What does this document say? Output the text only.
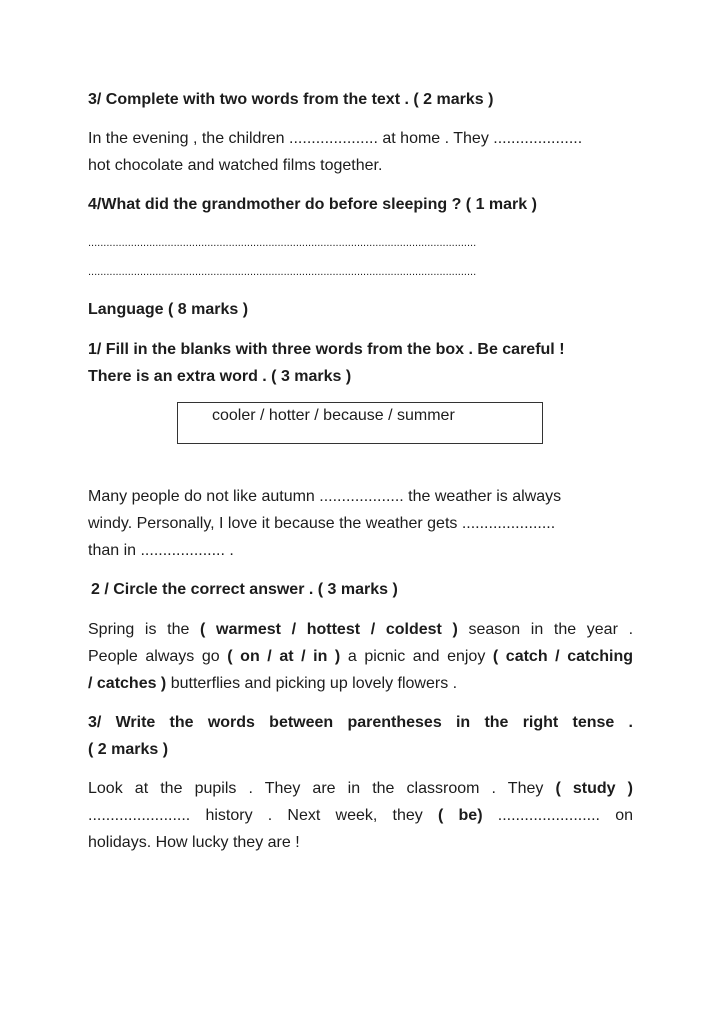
3/ Complete with two words from the text . ( 2 marks )
In the evening , the children .................... at home . They ....................
hot chocolate and watched films together.
4/What did the grandmother do before sleeping ? ( 1 mark )
...............................................................................................................................
...............................................................................................................................
Language ( 8 marks )
1/ Fill in the blanks with three words from the box . Be careful !
There is an extra word . ( 3 marks )
cooler / hotter / because / summer
Many people do not like autumn ................... the weather is always
windy. Personally, I love it because the weather gets .....................
than in ................... .
2 / Circle the correct answer . ( 3 marks )
Spring is the ( warmest / hottest / coldest ) season in the year .
People always go ( on / at / in ) a picnic and enjoy ( catch / catching
/ catches ) butterflies and picking up lovely flowers .
3/ Write the words between parentheses in the right tense .
( 2 marks )
Look at the pupils . They are in the classroom . They ( study )
....................... history . Next week, they ( be) ....................... on
holidays. How lucky they are !
